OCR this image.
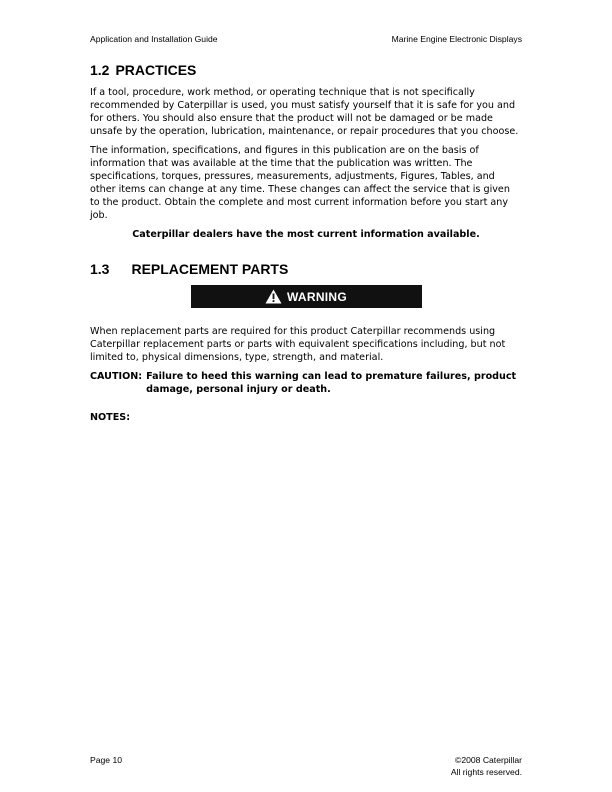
Application and Installation Guide	Marine Engine Electronic Displays
1.2 PRACTICES

If a tool, procedure, work method, or operating technique that is not specifically recommended by Caterpillar is used, you must satisfy yourself that it is safe for you and for others. You should also ensure that the product will not be damaged or be made unsafe by the operation, lubrication, maintenance, or repair procedures that you choose.

The information, specifications, and figures in this publication are on the basis of information that was available at the time that the publication was written. The specifications, torques, pressures, measurements, adjustments, Figures, Tables, and other items can change at any time. These changes can affect the service that is given to the product. Obtain the complete and most current information before you start any job.

Caterpillar dealers have the most current information available.

1.3 REPLACEMENT PARTS
WARNING

When replacement parts are required for this product Caterpillar recommends using Caterpillar replacement parts or parts with equivalent specifications including, but not limited to, physical dimensions, type, strength, and material.

CAUTION: Failure to heed this warning can lead to premature failures, product damage, personal injury or death.
NOTES:
Page 10	©2008 Caterpillar
All rights reserved.
